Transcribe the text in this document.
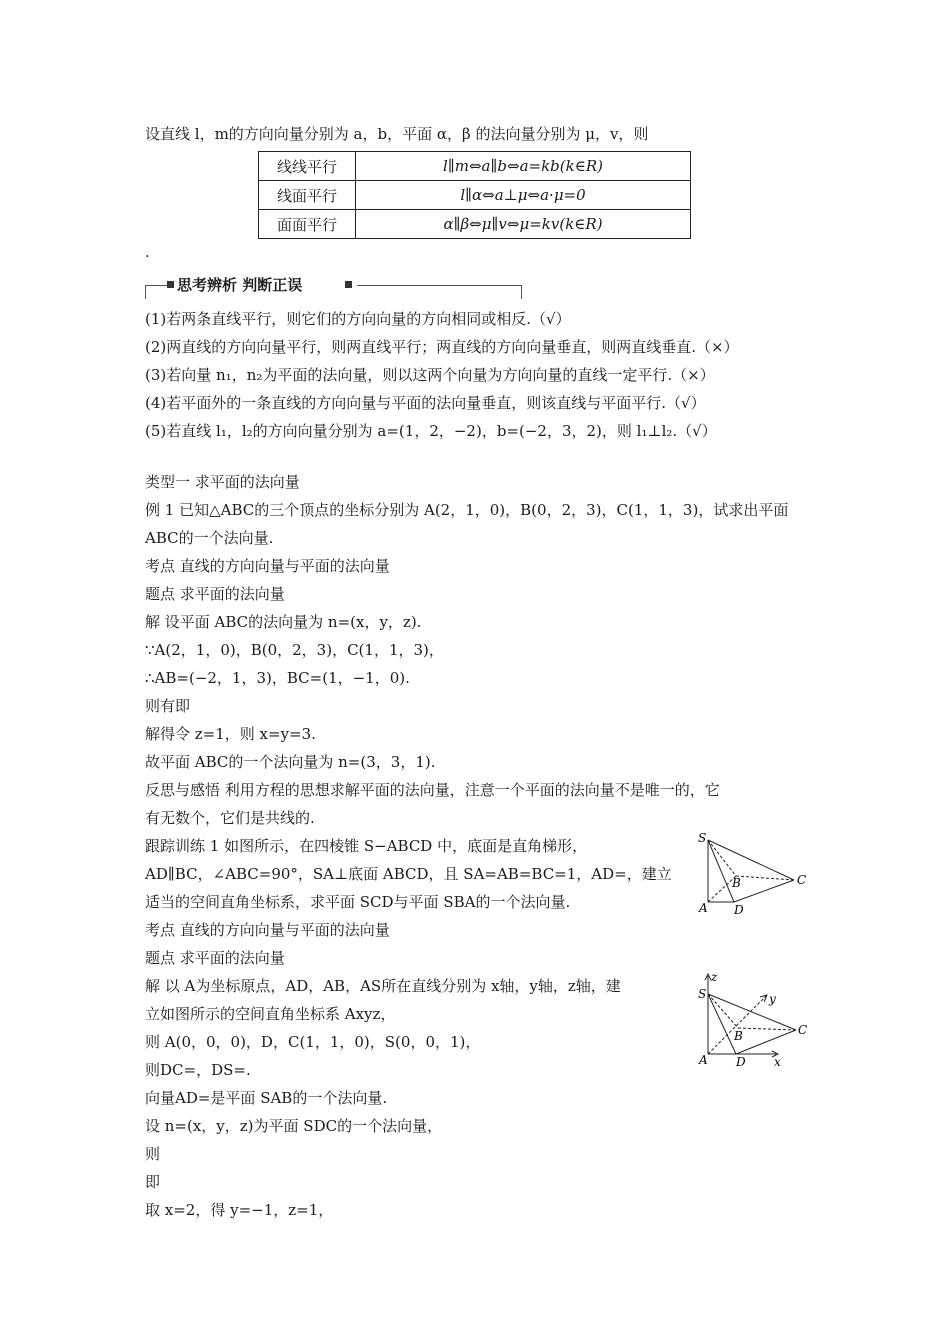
设直线 l，m的方向向量分别为 a，b，平面 α，β 的法向量分别为 μ，v，则
线线平行	l∥m⇔a∥b⇔a=kb(k∈R)
线面平行	l∥α⇔a⊥μ⇔a·μ=0
面面平行	α∥β⇔μ∥v⇔μ=kv(k∈R)
.
思考辨析 判断正误
(1)若两条直线平行，则它们的方向向量的方向相同或相反.（√）
(2)两直线的方向向量平行，则两直线平行；两直线的方向向量垂直，则两直线垂直.（×）
(3)若向量 n₁，n₂为平面的法向量，则以这两个向量为方向向量的直线一定平行.（×）
(4)若平面外的一条直线的方向向量与平面的法向量垂直，则该直线与平面平行.（√）
(5)若直线 l₁，l₂的方向向量分别为 a=(1，2，−2)，b=(−2，3，2)，则 l₁⊥l₂.（√）
类型一 求平面的法向量
例 1 已知△ABC的三个顶点的坐标分别为 A(2，1，0)，B(0，2，3)，C(1，1，3)，试求出平面
ABC的一个法向量.
考点 直线的方向向量与平面的法向量
题点 求平面的法向量
解 设平面 ABC的法向量为 n=(x，y，z).
∵A(2，1，0)，B(0，2，3)，C(1，1，3)，
∴AB=(−2，1，3)，BC=(1，−1，0).
则有即
解得令 z=1，则 x=y=3.
故平面 ABC的一个法向量为 n=(3，3，1).
反思与感悟 利用方程的思想求解平面的法向量，注意一个平面的法向量不是唯一的，它
有无数个，它们是共线的.
跟踪训练 1 如图所示，在四棱锥 S−ABCD 中，底面是直角梯形，
AD∥BC，∠ABC=90°，SA⊥底面 ABCD，且 SA=AB=BC=1，AD=，建立
适当的空间直角坐标系，求平面 SCD与平面 SBA的一个法向量.
考点 直线的方向向量与平面的法向量
题点 求平面的法向量
解 以 A为坐标原点，AD，AB，AS所在直线分别为 x轴，y轴，z轴，建
立如图所示的空间直角坐标系 Axyz，
则 A(0，0，0)，D，C(1，1，0)，S(0，0，1)，
则DC=，DS=.
向量AD=是平面 SAB的一个法向量.
设 n=(x，y，z)为平面 SDC的一个法向量，
则
即
取 x=2，得 y=−1，z=1，
S
A
B	C
D
z
S	y
B	C
A D x
